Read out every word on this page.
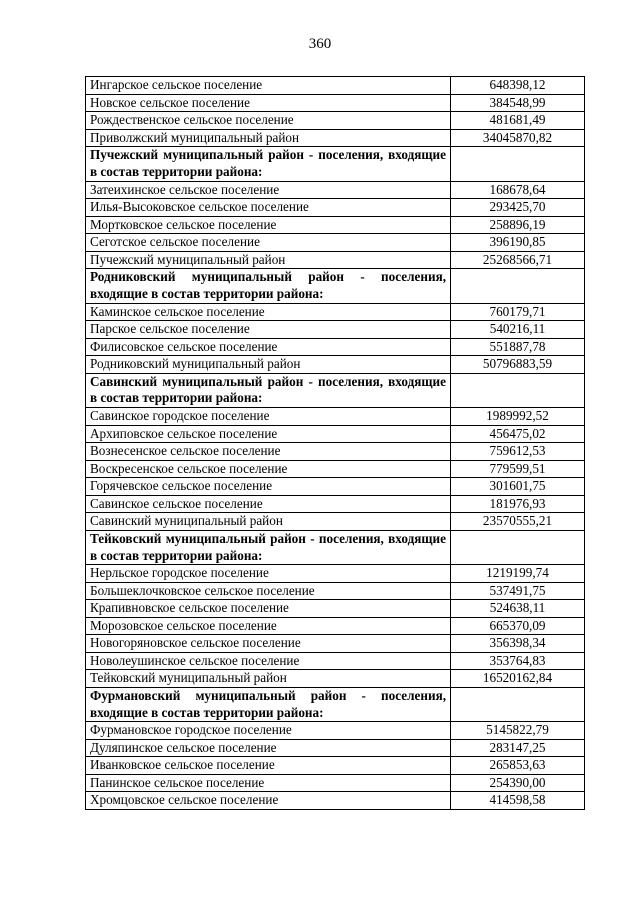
360
Ингарское сельское поселение	648398,12
Новское сельское поселение	384548,99
Рождественское сельское поселение	481681,49
Приволжский муниципальный район	34045870,82
Пучежский муниципальный район - поселения, входящие в состав территории района:	
Затеихинское сельское поселение	168678,64
Илья-Высоковское сельское поселение	293425,70
Мортковское сельское поселение	258896,19
Сеготское сельское поселение	396190,85
Пучежский муниципальный район	25268566,71
Родниковский муниципальный район - поселения, входящие в состав территории района:	
Каминское сельское поселение	760179,71
Парское сельское поселение	540216,11
Филисовское сельское поселение	551887,78
Родниковский муниципальный район	50796883,59
Савинский муниципальный район - поселения, входящие в состав территории района:	
Савинское городское поселение	1989992,52
Архиповское сельское поселение	456475,02
Вознесенское сельское поселение	759612,53
Воскресенское сельское поселение	779599,51
Горячевское сельское поселение	301601,75
Савинское сельское поселение	181976,93
Савинский муниципальный район	23570555,21
Тейковский муниципальный район - поселения, входящие в состав территории района:	
Нерльское городское поселение	1219199,74
Большеклочковское сельское поселение	537491,75
Крапивновское сельское поселение	524638,11
Морозовское сельское поселение	665370,09
Новогоряновское сельское поселение	356398,34
Новолеушинское сельское поселение	353764,83
Тейковский муниципальный район	16520162,84
Фурмановский муниципальный район - поселения, входящие в состав территории района:	
Фурмановское городское поселение	5145822,79
Дуляпинское сельское поселение	283147,25
Иванковское сельское поселение	265853,63
Панинское сельское поселение	254390,00
Хромцовское сельское поселение	414598,58
